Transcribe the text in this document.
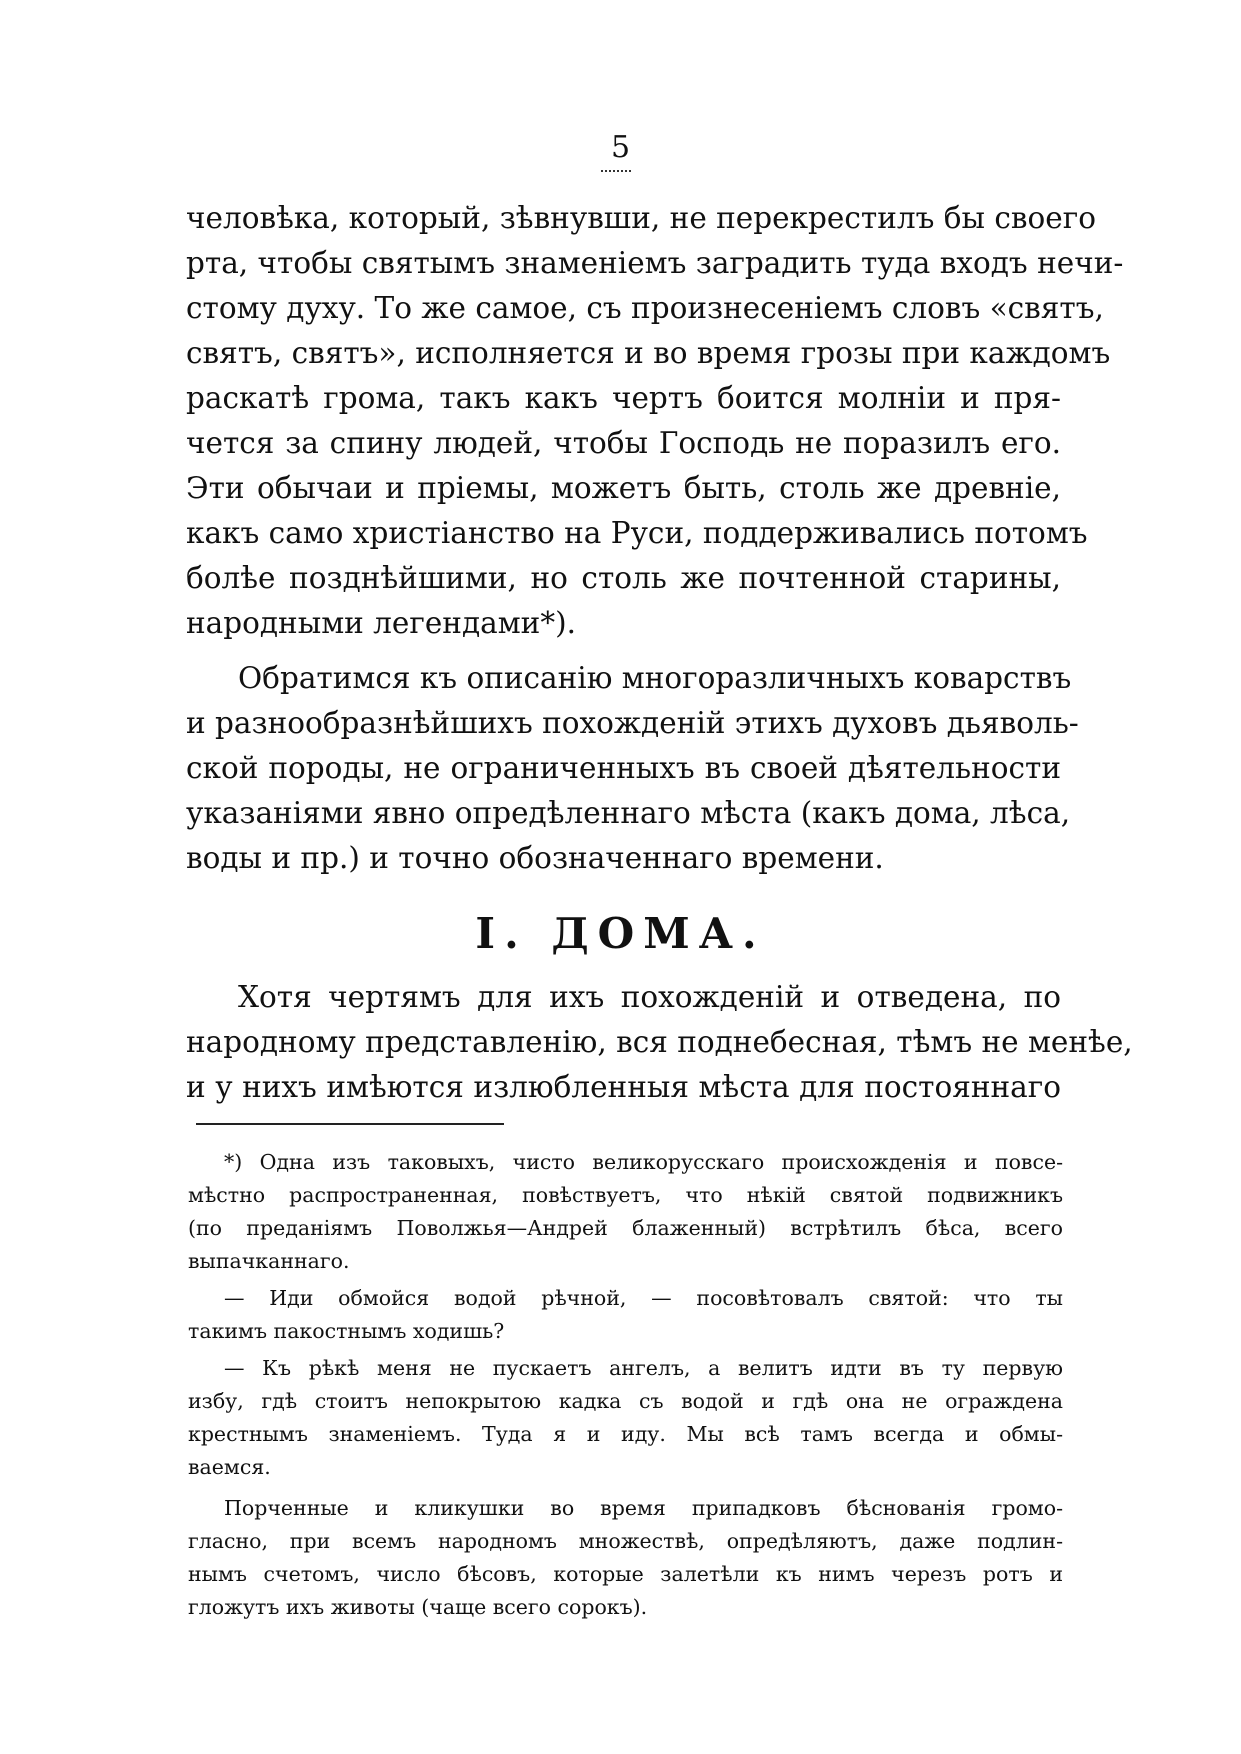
5
человѣка, который, зѣвнувши, не перекрестилъ бы своего
рта, чтобы святымъ знаменіемъ заградить туда входъ нечи-
стому духу. То же самое, съ произнесеніемъ словъ «святъ,
святъ, святъ», исполняется и во время грозы при каждомъ
раскатѣ грома, такъ какъ чертъ боится молніи и пря-
чется за спину людей, чтобы Господь не поразилъ его.
Эти обычаи и пріемы, можетъ быть, столь же древніе,
какъ само христіанство на Руси, поддерживались потомъ
болѣе позднѣйшими, но столь же почтенной старины,
народными легендами*).
Обратимся къ описанію многоразличныхъ коварствъ
и разнообразнѣйшихъ похожденій этихъ духовъ дьяволь-
ской породы, не ограниченныхъ въ своей дѣятельности
указаніями явно опредѣленнаго мѣста (какъ дома, лѣса,
воды и пр.) и точно обозначеннаго времени.
I. ДОМА.
Хотя чертямъ для ихъ похожденій и отведена, по
народному представленію, вся поднебесная, тѣмъ не менѣе,
и у нихъ имѣются излюбленныя мѣста для постояннаго
*) Одна изъ таковыхъ, чисто великорусскаго происхожденія и повсе-
мѣстно распространенная, повѣствуетъ, что нѣкій святой подвижникъ
(по преданіямъ Поволжья—Андрей блаженный) встрѣтилъ бѣса, всего
выпачканнаго.
— Иди обмойся водой рѣчной, — посовѣтовалъ святой: что ты
такимъ пакостнымъ ходишь?
— Къ рѣкѣ меня не пускаетъ ангелъ, а велитъ идти въ ту первую
избу, гдѣ стоитъ непокрытою кадка съ водой и гдѣ она не ограждена
крестнымъ знаменіемъ. Туда я и иду. Мы всѣ тамъ всегда и обмы-
ваемся.
Порченные и кликушки во время припадковъ бѣснованія громо-
гласно, при всемъ народномъ множествѣ, опредѣляютъ, даже подлин-
нымъ счетомъ, число бѣсовъ, которые залетѣли къ нимъ черезъ ротъ и
гложутъ ихъ животы (чаще всего сорокъ).
